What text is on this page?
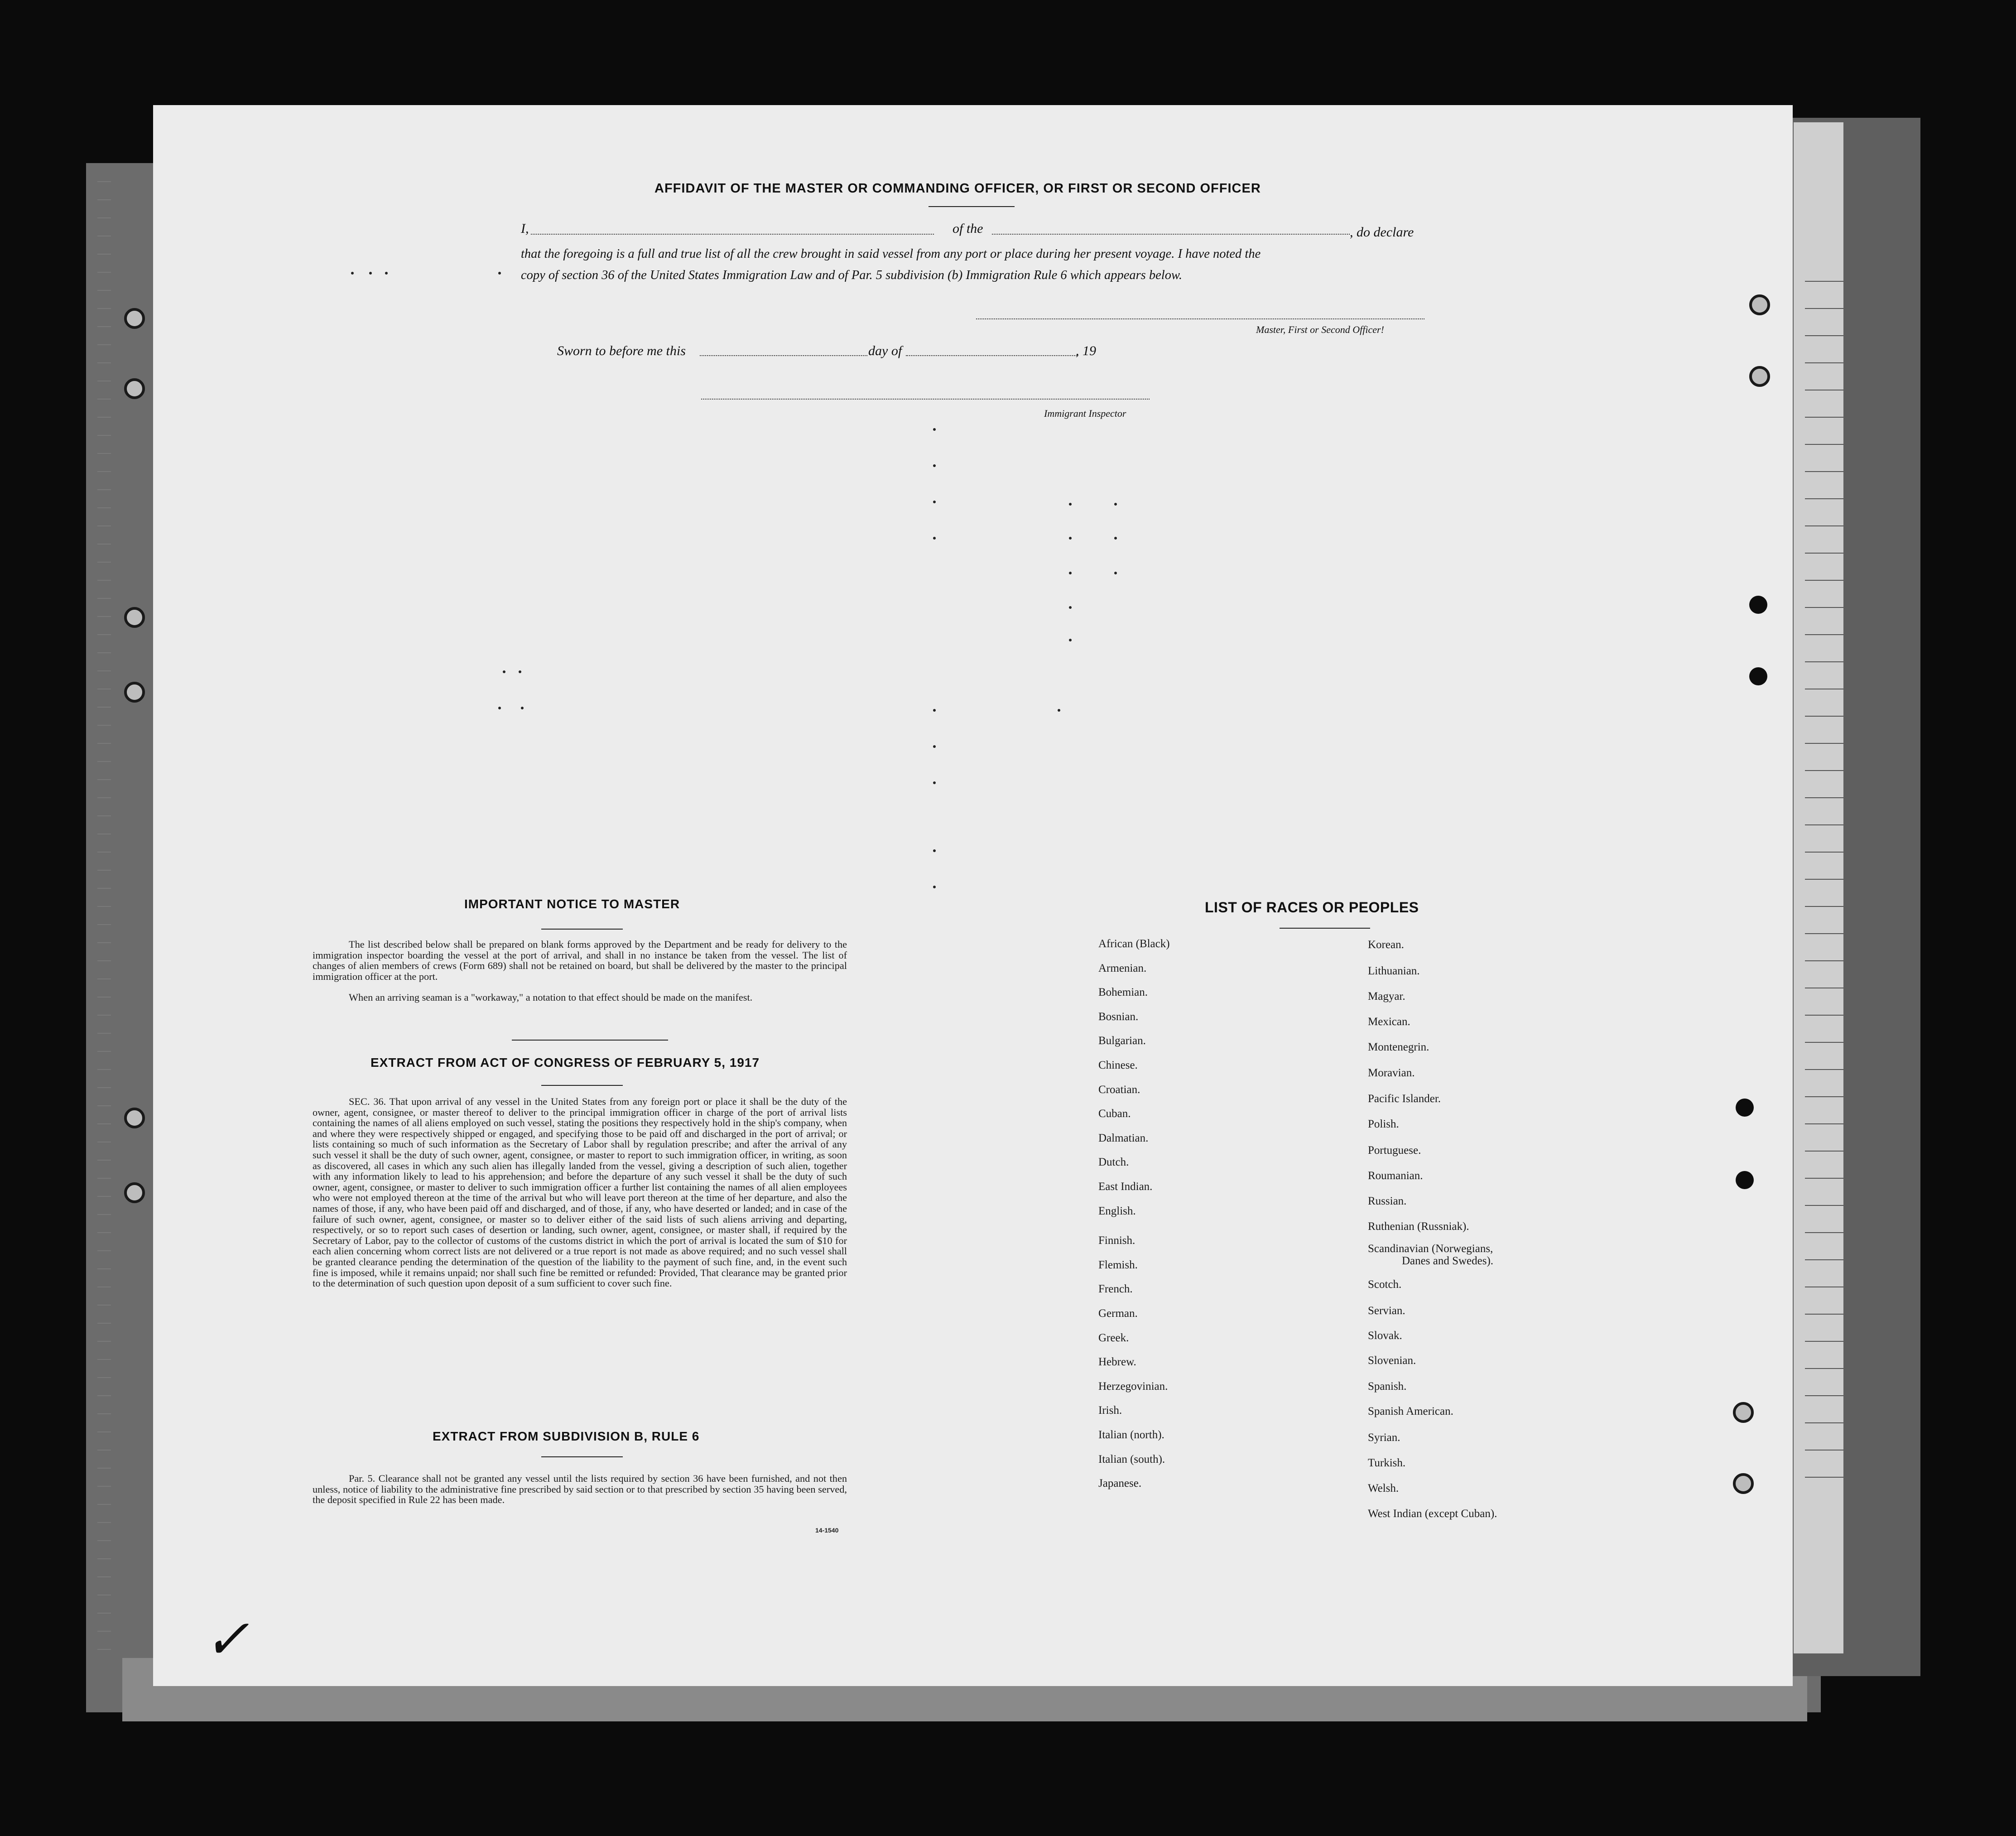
AFFIDAVIT OF THE MASTER OR COMMANDING OFFICER, OR FIRST OR SECOND OFFICER
I,	of the	, do declare
that the foregoing is a full and true list of all the crew brought in said vessel from any port or place during her present voyage. I have noted the
copy of section 36 of the United States Immigration Law and of Par. 5 subdivision (b) Immigration Rule 6 which appears below.
Master, First or Second Officer!
Sworn to before me this	day of	, 19
Immigrant Inspector
IMPORTANT NOTICE TO MASTER
The list described below shall be prepared on blank forms approved by the Department and be ready for delivery to the immigration inspector boarding the vessel at the port of arrival, and shall in no instance be taken from the vessel. The list of changes of alien members of crews (Form 689) shall not be retained on board, but shall be delivered by the master to the principal immigration officer at the port.
When an arriving seaman is a "workaway," a notation to that effect should be made on the manifest.
EXTRACT FROM ACT OF CONGRESS OF FEBRUARY 5, 1917
SEC. 36. That upon arrival of any vessel in the United States from any foreign port or place it shall be the duty of the owner, agent, consignee, or master thereof to deliver to the principal immigration officer in charge of the port of arrival lists containing the names of all aliens employed on such vessel, stating the positions they respectively hold in the ship's company, when and where they were respectively shipped or engaged, and specifying those to be paid off and discharged in the port of arrival; or lists containing so much of such information as the Secretary of Labor shall by regulation prescribe; and after the arrival of any such vessel it shall be the duty of such owner, agent, consignee, or master to report to such immigration officer, in writing, as soon as discovered, all cases in which any such alien has illegally landed from the vessel, giving a description of such alien, together with any information likely to lead to his apprehension; and before the departure of any such vessel it shall be the duty of such owner, agent, consignee, or master to deliver to such immigration officer a further list containing the names of all alien employees who were not employed thereon at the time of the arrival but who will leave port thereon at the time of her departure, and also the names of those, if any, who have been paid off and discharged, and of those, if any, who have deserted or landed; and in case of the failure of such owner, agent, consignee, or master so to deliver either of the said lists of such aliens arriving and departing, respectively, or so to report such cases of desertion or landing, such owner, agent, consignee, or master shall, if required by the Secretary of Labor, pay to the collector of customs of the customs district in which the port of arrival is located the sum of $10 for each alien concerning whom correct lists are not delivered or a true report is not made as above required; and no such vessel shall be granted clearance pending the determination of the question of the liability to the payment of such fine, and, in the event such fine is imposed, while it remains unpaid; nor shall such fine be remitted or refunded: Provided, That clearance may be granted prior to the determination of such question upon deposit of a sum sufficient to cover such fine.
EXTRACT FROM SUBDIVISION B, RULE 6
Par. 5. Clearance shall not be granted any vessel until the lists required by section 36 have been furnished, and not then unless, notice of liability to the administrative fine prescribed by said section or to that prescribed by section 35 having been served, the deposit specified in Rule 22 has been made.
14-1540
LIST OF RACES OR PEOPLES
African (Black)
Armenian.
Bohemian.
Bosnian.
Bulgarian.
Chinese.
Croatian.
Cuban.
Dalmatian.
Dutch.
East Indian.
English.
Finnish.
Flemish.
French.
German.
Greek.
Hebrew.
Herzegovinian.
Irish.
Italian (north).
Italian (south).
Japanese.
Korean.
Lithuanian.
Magyar.
Mexican.
Montenegrin.
Moravian.
Pacific Islander.
Polish.
Portuguese.
Roumanian.
Russian.
Ruthenian (Russniak).
Scandinavian (Norwegians,
Danes and Swedes).
Scotch.
Servian.
Slovak.
Slovenian.
Spanish.
Spanish American.
Syrian.
Turkish.
Welsh.
West Indian (except Cuban).
✓
